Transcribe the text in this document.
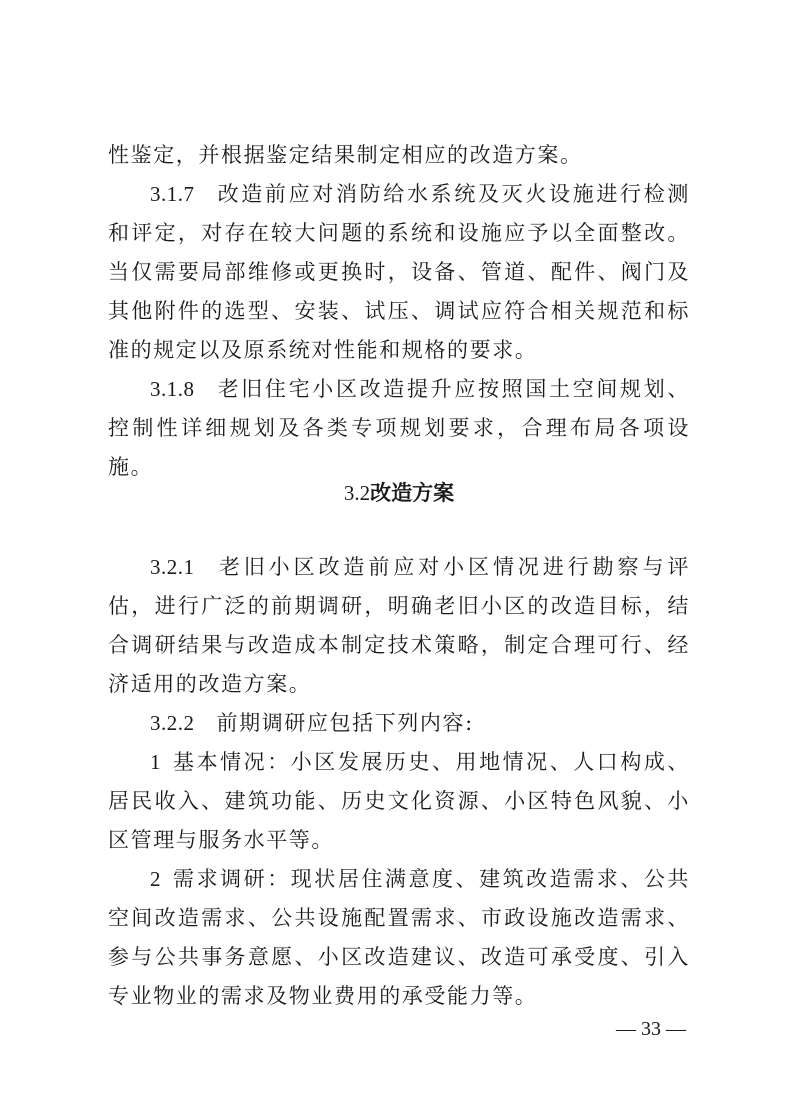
性鉴定，并根据鉴定结果制定相应的改造方案。

3.1.7 改造前应对消防给水系统及灭火设施进行检测和评定，对存在较大问题的系统和设施应予以全面整改。当仅需要局部维修或更换时，设备、管道、配件、阀门及其他附件的选型、安装、试压、调试应符合相关规范和标准的规定以及原系统对性能和规格的要求。

3.1.8 老旧住宅小区改造提升应按照国土空间规划、控制性详细规划及各类专项规划要求，合理布局各项设施。

3.2改造方案

3.2.1 老旧小区改造前应对小区情况进行勘察与评估，进行广泛的前期调研，明确老旧小区的改造目标，结合调研结果与改造成本制定技术策略，制定合理可行、经济适用的改造方案。

3.2.2 前期调研应包括下列内容:

1 基本情况：小区发展历史、用地情况、人口构成、居民收入、建筑功能、历史文化资源、小区特色风貌、小区管理与服务水平等。

2 需求调研：现状居住满意度、建筑改造需求、公共空间改造需求、公共设施配置需求、市政设施改造需求、参与公共事务意愿、小区改造建议、改造可承受度、引入专业物业的需求及物业费用的承受能力等。

— 33 —
